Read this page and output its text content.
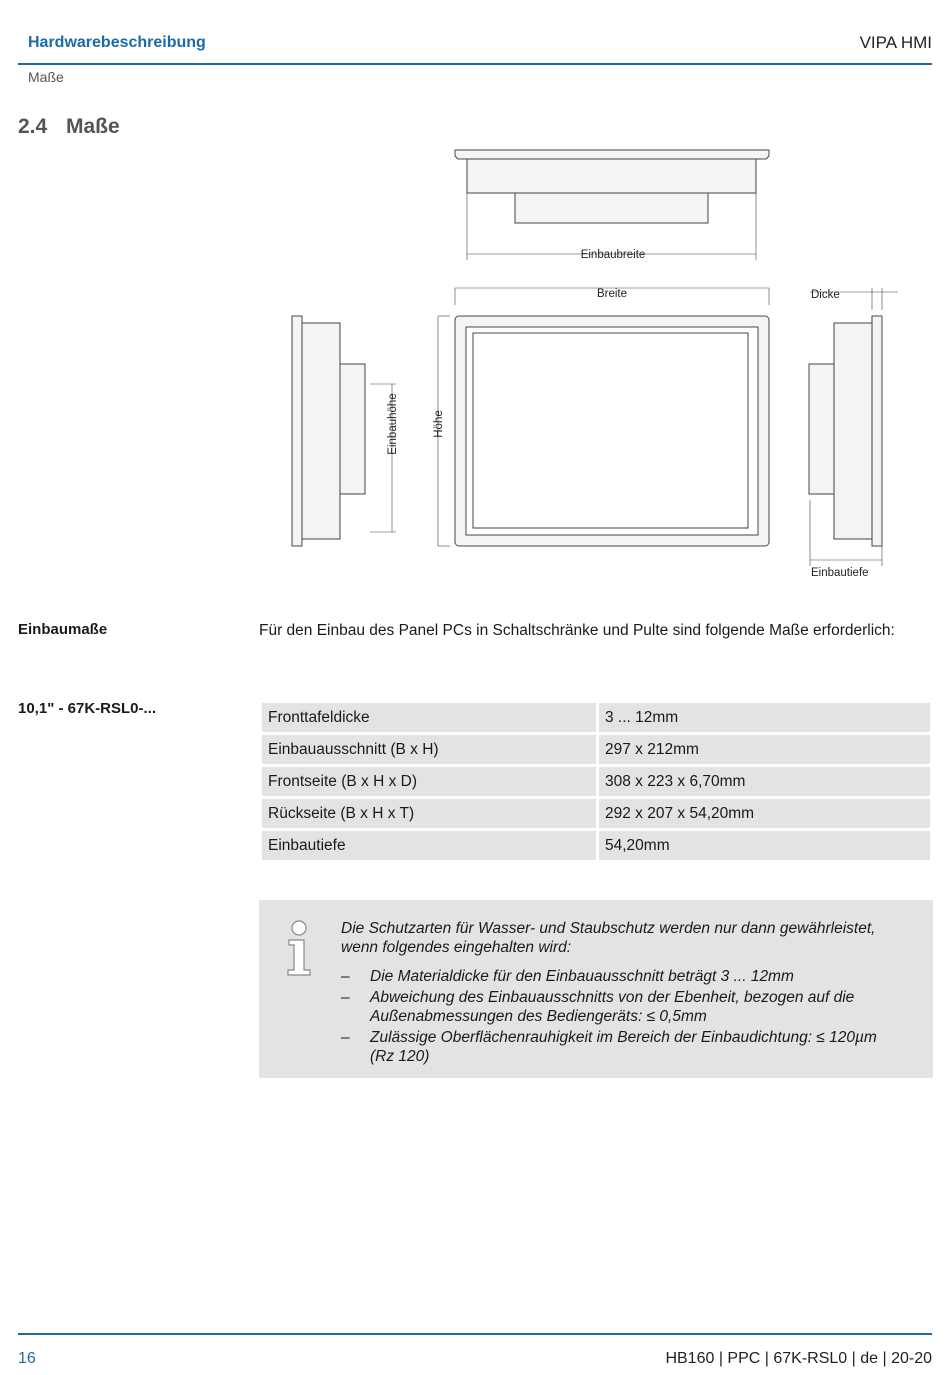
Hardwarebeschreibung	VIPA HMI
Maße
2.4 Maße
Einbaubreite
Breite	Dicke
Einbauhöhe	Höhe
Einbautiefe
Einbaumaße	Für den Einbau des Panel PCs in Schaltschränke und Pulte sind folgende Maße erforderlich:
10,1" - 67K-RSL0-...	Fronttafeldicke	3 ... 12mm
Einbauausschnitt (B x H)	297 x 212mm
Frontseite (B x H x D)	308 x 223 x 6,70mm
Rückseite (B x H x T)	292 x 207 x 54,20mm
Einbautiefe	54,20mm
Die Schutzarten für Wasser- und Staubschutz werden nur dann gewährleistet, wenn folgendes eingehalten wird:
– Die Materialdicke für den Einbauausschnitt beträgt 3 ... 12mm
– Abweichung des Einbauausschnitts von der Ebenheit, bezogen auf die Außenabmessungen des Bediengeräts: ≤ 0,5mm
– Zulässige Oberflächenrauhigkeit im Bereich der Einbaudichtung: ≤ 120µm (Rz 120)
16	HB160 | PPC | 67K-RSL0 | de | 20-20
